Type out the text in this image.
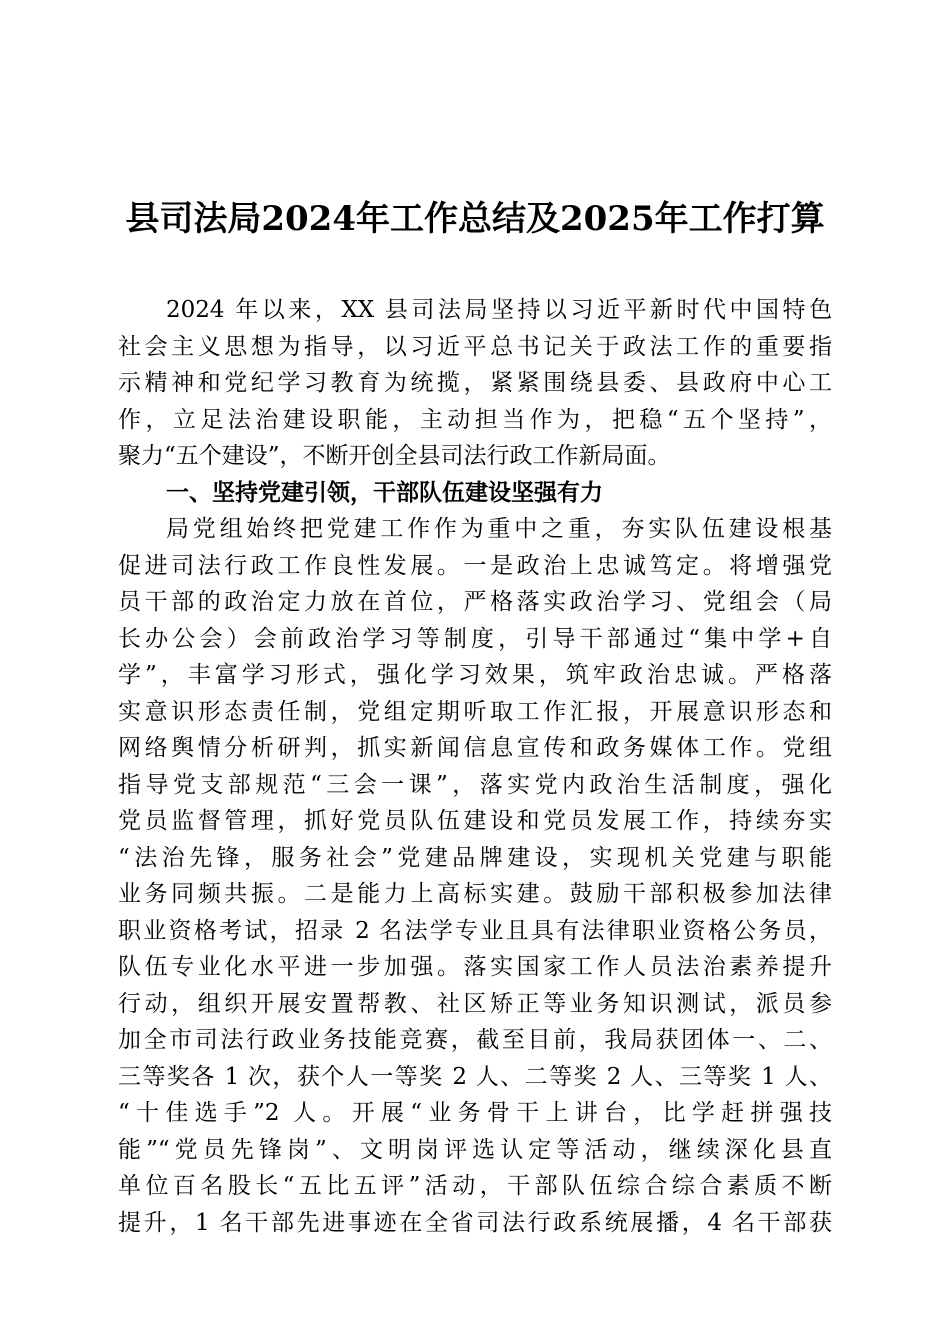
县司法局2024年工作总结及2025年工作打算
2024 年以来，XX 县司法局坚持以习近平新时代中国特色
社会主义思想为指导，以习近平总书记关于政法工作的重要指
示精神和党纪学习教育为统揽，紧紧围绕县委、县政府中心工
作，立足法治建设职能，主动担当作为，把稳“五个坚持”，
聚力“五个建设”，不断开创全县司法行政工作新局面。
一、坚持党建引领，干部队伍建设坚强有力
局党组始终把党建工作作为重中之重，夯实队伍建设根基
促进司法行政工作良性发展。一是政治上忠诚笃定。将增强党
员干部的政治定力放在首位，严格落实政治学习、党组会（局
长办公会）会前政治学习等制度，引导干部通过“集中学+自
学”，丰富学习形式，强化学习效果，筑牢政治忠诚。严格落
实意识形态责任制，党组定期听取工作汇报，开展意识形态和
网络舆情分析研判，抓实新闻信息宣传和政务媒体工作。党组
指导党支部规范“三会一课”，落实党内政治生活制度，强化
党员监督管理，抓好党员队伍建设和党员发展工作，持续夯实
“法治先锋，服务社会”党建品牌建设，实现机关党建与职能
业务同频共振。二是能力上高标实建。鼓励干部积极参加法律
职业资格考试，招录 2 名法学专业且具有法律职业资格公务员，
队伍专业化水平进一步加强。落实国家工作人员法治素养提升
行动，组织开展安置帮教、社区矫正等业务知识测试，派员参
加全市司法行政业务技能竞赛，截至目前，我局获团体一、二、
三等奖各 1 次，获个人一等奖 2 人、二等奖 2 人、三等奖 1 人、
“十佳选手”2 人。开展“业务骨干上讲台，比学赶拼强技
能”“党员先锋岗”、文明岗评选认定等活动，继续深化县直
单位百名股长“五比五评”活动，干部队伍综合综合素质不断
提升，1 名干部先进事迹在全省司法行政系统展播，4 名干部获
